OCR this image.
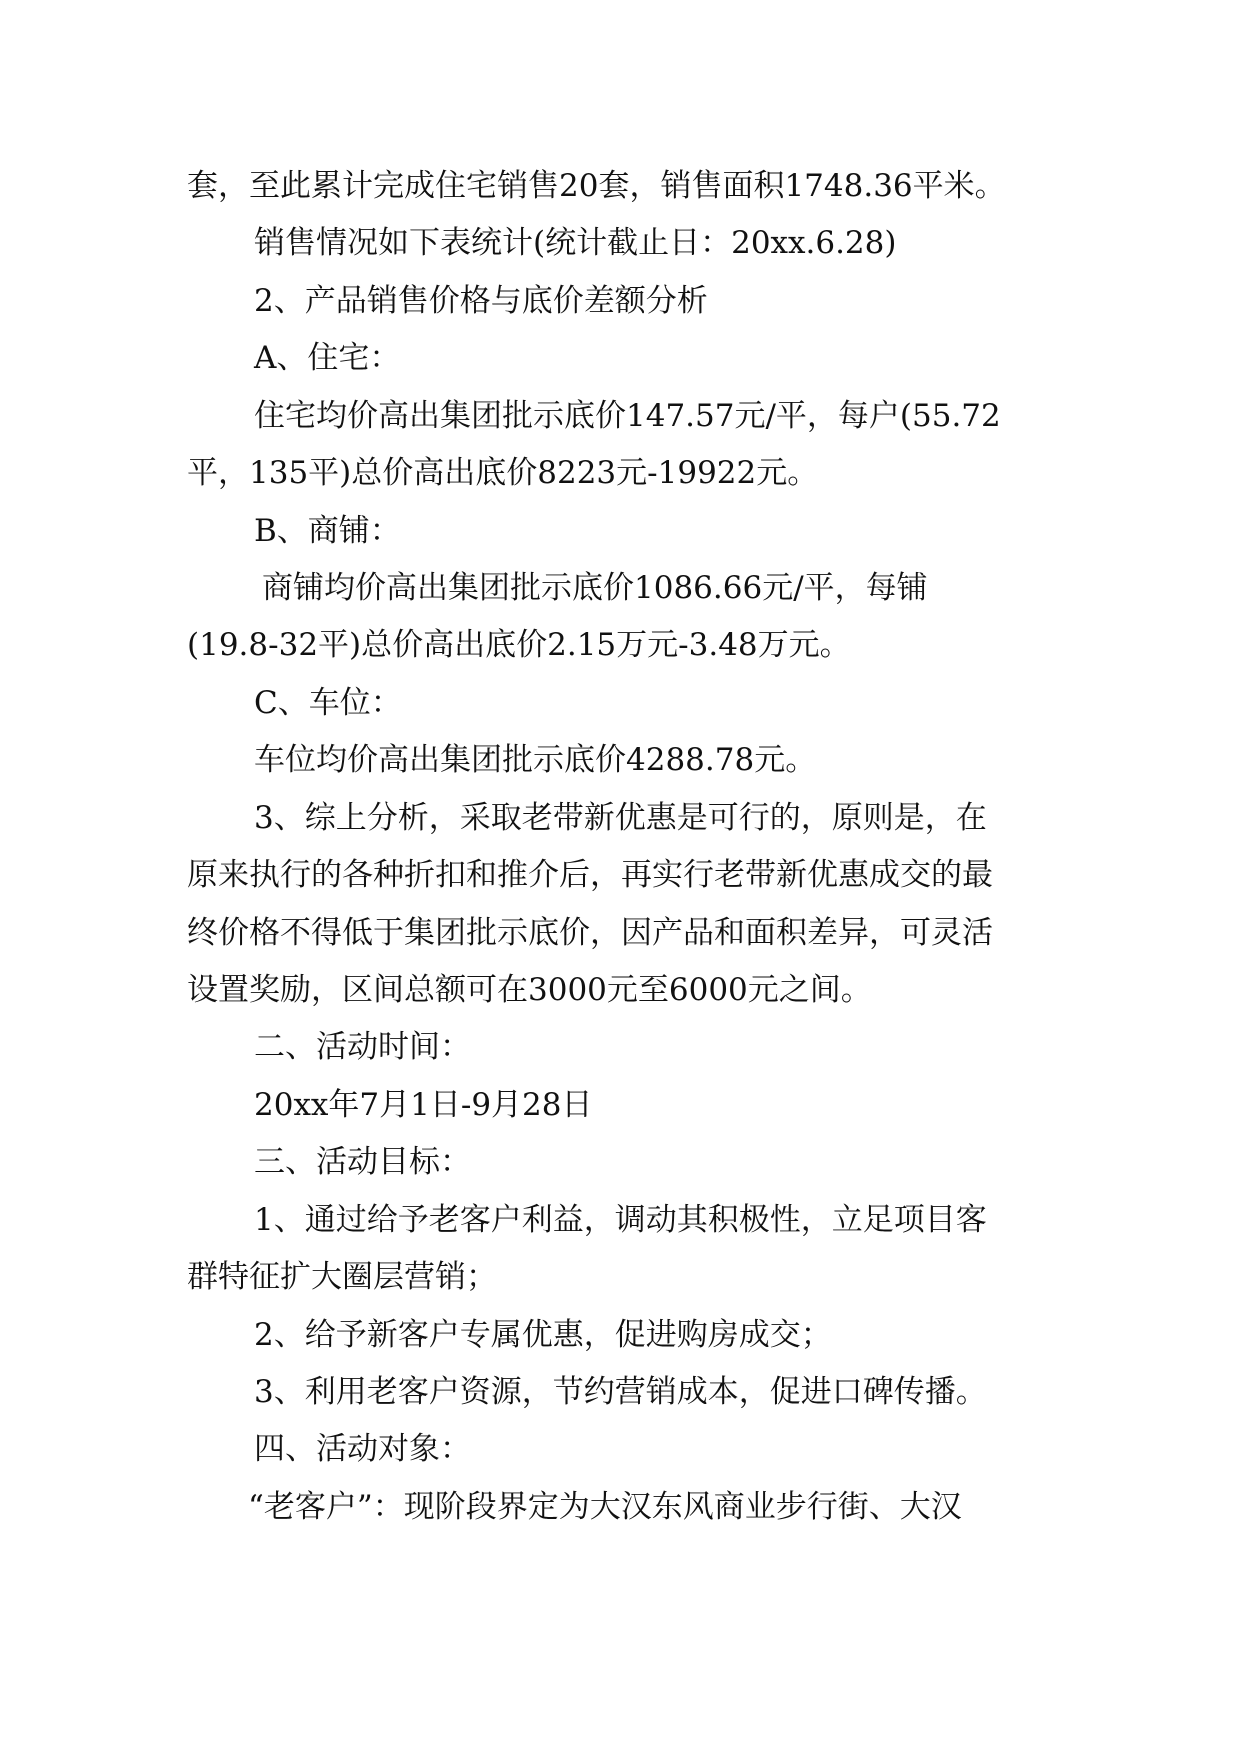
套，至此累计完成住宅销售20套，销售面积1748.36平米。
销售情况如下表统计(统计截止日：20xx.6.28)
2、产品销售价格与底价差额分析
A、住宅：
住宅均价高出集团批示底价147.57元/平，每户(55.72
平，135平)总价高出底价8223元-19922元。
B、商铺：
商铺均价高出集团批示底价1086.66元/平，每铺
(19.8-32平)总价高出底价2.15万元-3.48万元。
C、车位：
车位均价高出集团批示底价4288.78元。
3、综上分析，采取老带新优惠是可行的，原则是，在
原来执行的各种折扣和推介后，再实行老带新优惠成交的最
终价格不得低于集团批示底价，因产品和面积差异，可灵活
设置奖励，区间总额可在3000元至6000元之间。
二、活动时间：
20xx年7月1日-9月28日
三、活动目标：
1、通过给予老客户利益，调动其积极性，立足项目客
群特征扩大圈层营销；
2、给予新客户专属优惠，促进购房成交；
3、利用老客户资源，节约营销成本，促进口碑传播。
四、活动对象：
“老客户”：现阶段界定为大汉东风商业步行街、大汉
